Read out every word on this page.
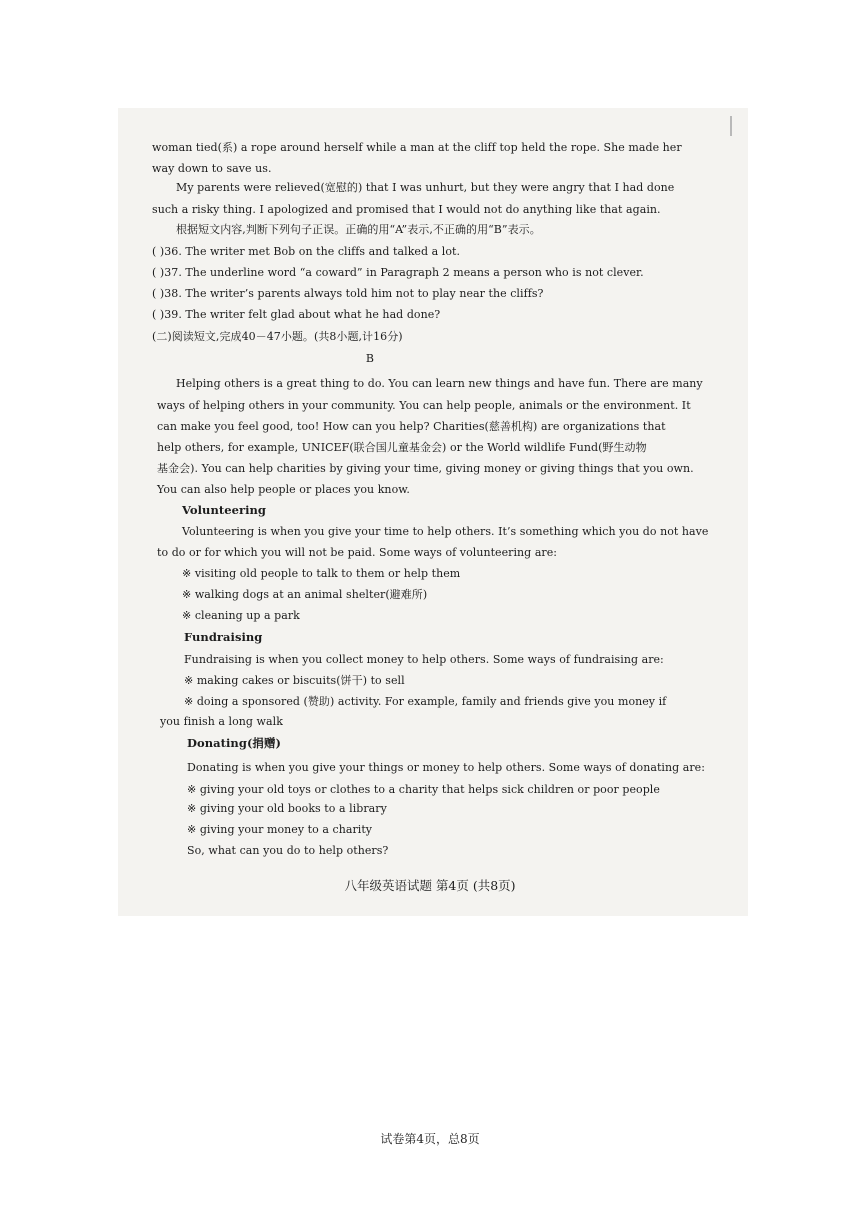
woman tied(系) a rope around herself while a man at the cliff top held the rope. She made her

way down to save us.

My parents were relieved(宽慰的) that I was unhurt, but they were angry that I had done

such a risky thing. I apologized and promised that I would not do anything like that again.

根据短文内容,判断下列句子正误。正确的用“A”表示,不正确的用“B”表示。

( )36. The writer met Bob on the cliffs and talked a lot.

( )37. The underline word “a coward” in Paragraph 2 means a person who is not clever.

( )38. The writer’s parents always told him not to play near the cliffs?

( )39. The writer felt glad about what he had done?

(二)阅读短文,完成40－47小题。(共8小题,计16分)

B

Helping others is a great thing to do. You can learn new things and have fun. There are many

ways of helping others in your community. You can help people, animals or the environment. It

can make you feel good, too! How can you help? Charities(慈善机构) are organizations that

help others, for example, UNICEF(联合国儿童基金会) or the World wildlife Fund(野生动物

基金会). You can help charities by giving your time, giving money or giving things that you own.

You can also help people or places you know.

Volunteering

Volunteering is when you give your time to help others. It’s something which you do not have

to do or for which you will not be paid. Some ways of volunteering are:

※ visiting old people to talk to them or help them

※ walking dogs at an animal shelter(避难所)

※ cleaning up a park

Fundraising

Fundraising is when you collect money to help others. Some ways of fundraising are:

※ making cakes or biscuits(饼干) to sell

※ doing a sponsored (赞助) activity. For example, family and friends give you money if

you finish a long walk

Donating(捐赠)

Donating is when you give your things or money to help others. Some ways of donating are:

※ giving your old toys or clothes to a charity that helps sick children or poor people

※ giving your old books to a library

※ giving your money to a charity

So, what can you do to help others?

八年级英语试题 第4页 (共8页)

试卷第4页，总8页
